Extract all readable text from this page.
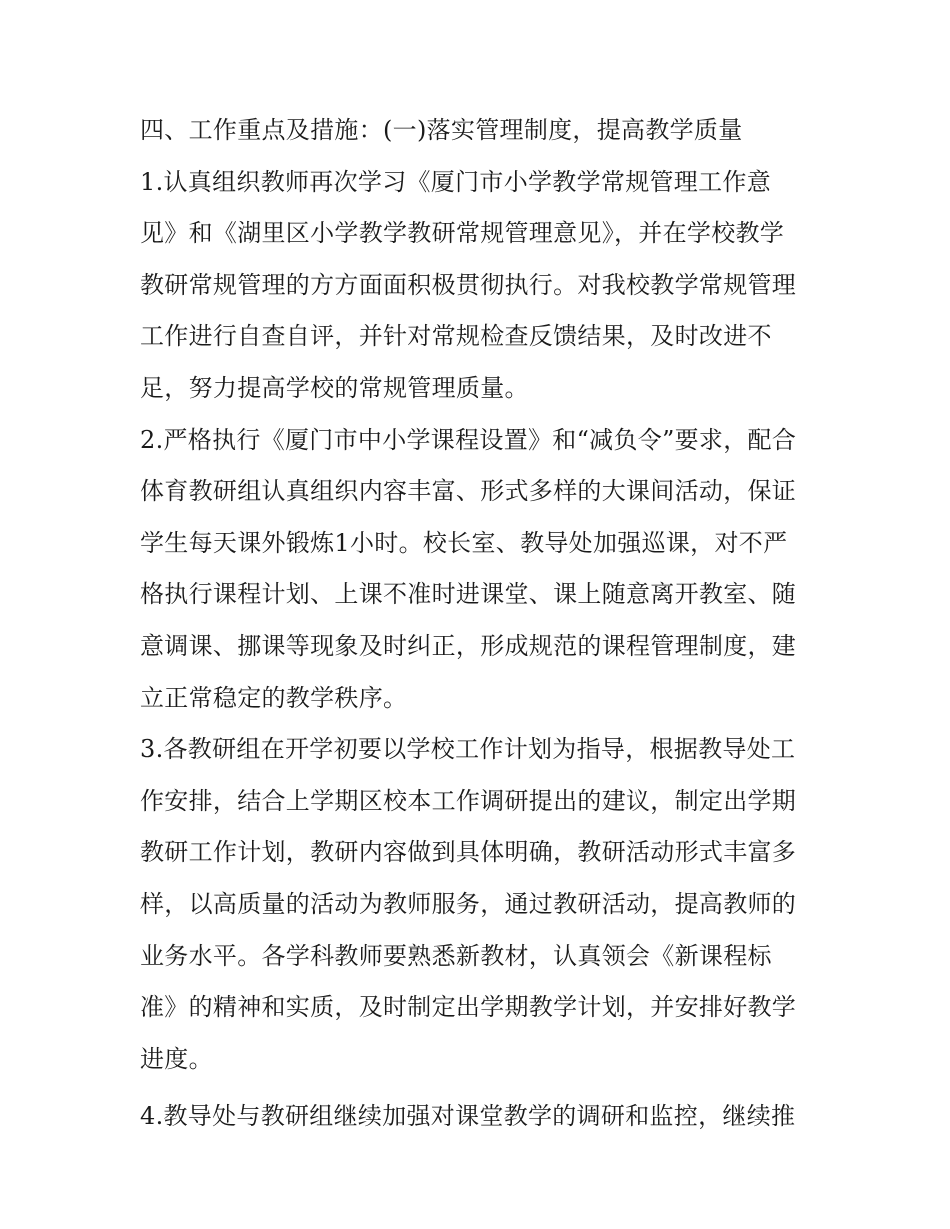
四、工作重点及措施：(一)落实管理制度，提高教学质量
1.认真组织教师再次学习《厦门市小学教学常规管理工作意
见》和《湖里区小学教学教研常规管理意见》，并在学校教学
教研常规管理的方方面面积极贯彻执行。对我校教学常规管理
工作进行自查自评，并针对常规检查反馈结果，及时改进不
足，努力提高学校的常规管理质量。
2.严格执行《厦门市中小学课程设置》和“减负令”要求，配合
体育教研组认真组织内容丰富、形式多样的大课间活动，保证
学生每天课外锻炼1小时。校长室、教导处加强巡课，对不严
格执行课程计划、上课不准时进课堂、课上随意离开教室、随
意调课、挪课等现象及时纠正，形成规范的课程管理制度，建
立正常稳定的教学秩序。
3.各教研组在开学初要以学校工作计划为指导，根据教导处工
作安排，结合上学期区校本工作调研提出的建议，制定出学期
教研工作计划，教研内容做到具体明确，教研活动形式丰富多
样，以高质量的活动为教师服务，通过教研活动，提高教师的
业务水平。各学科教师要熟悉新教材，认真领会《新课程标
准》的精神和实质，及时制定出学期教学计划，并安排好教学
进度。
4.教导处与教研组继续加强对课堂教学的调研和监控，继续推
